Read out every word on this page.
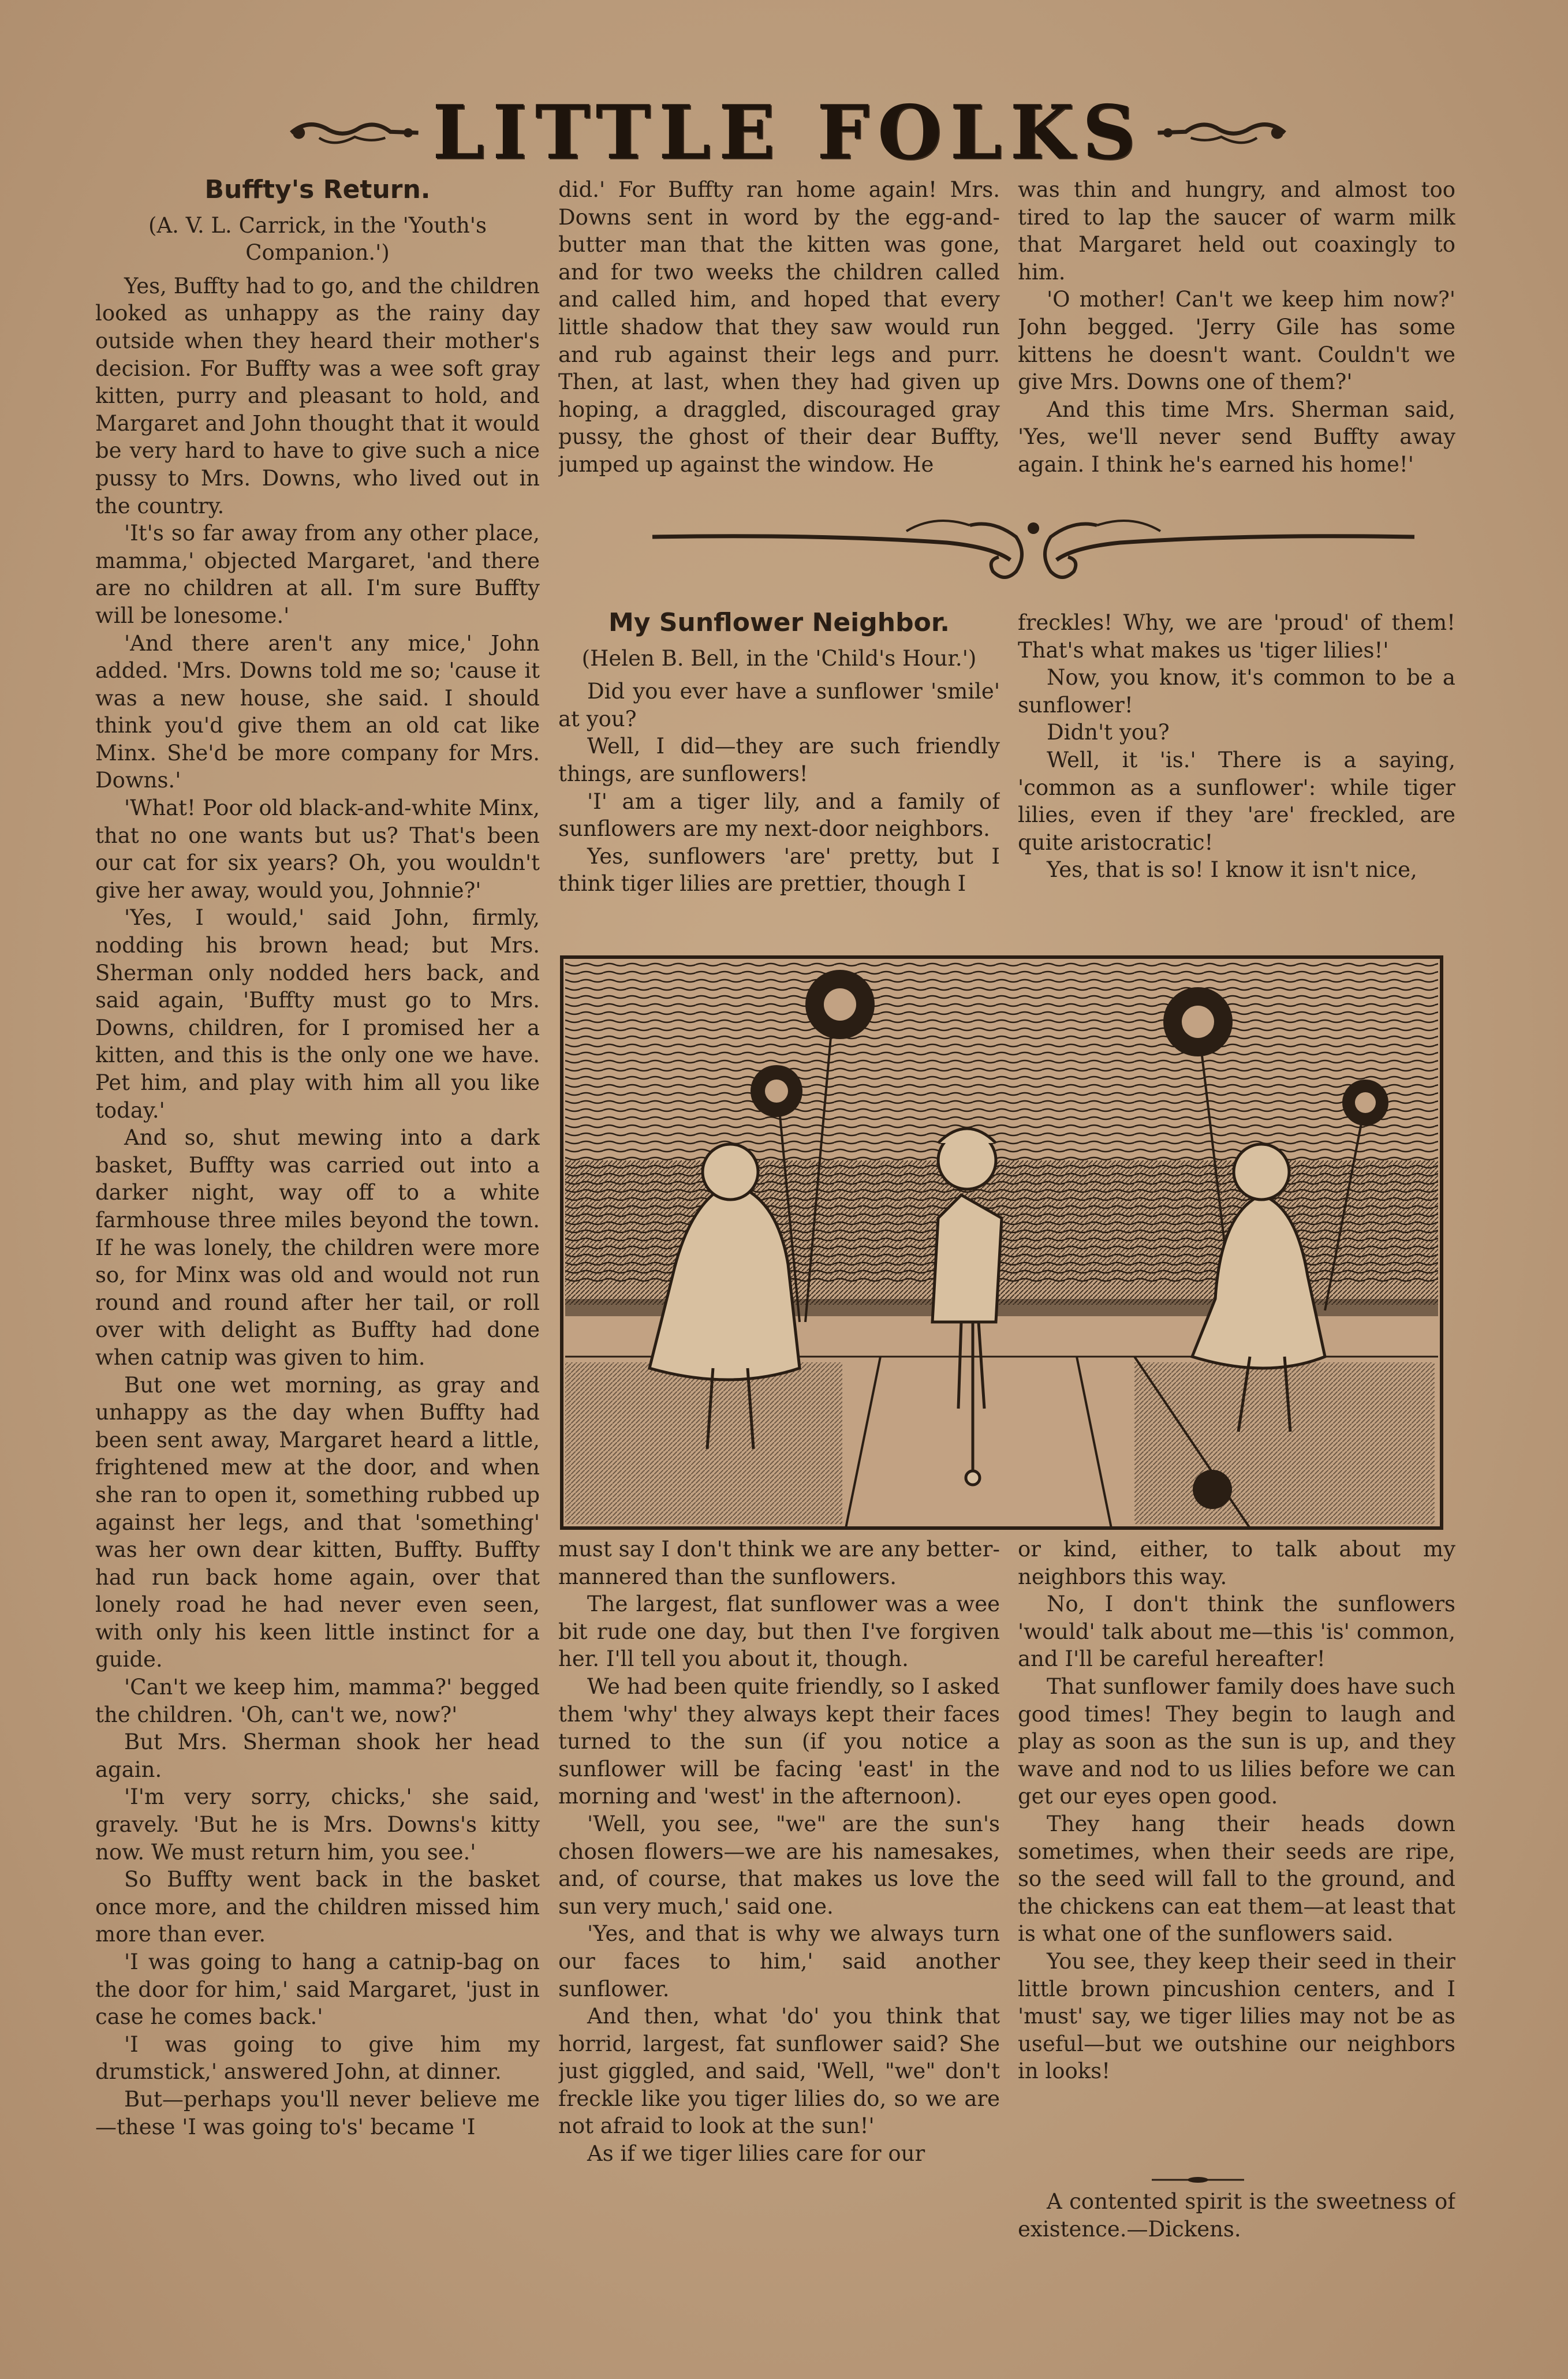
LITTLE FOLKS
Buffty's Return.

(A. V. L. Carrick, in the 'Youth's Companion.')

Yes, Buffty had to go, and the children looked as unhappy as the rainy day outside when they heard their mother's decision. For Buffty was a wee soft gray kitten, purry and pleasant to hold, and Margaret and John thought that it would be very hard to have to give such a nice pussy to Mrs. Downs, who lived out in the country.

'It's so far away from any other place, mamma,' objected Margaret, 'and there are no children at all. I'm sure Buffty will be lonesome.'

'And there aren't any mice,' John added. 'Mrs. Downs told me so; 'cause it was a new house, she said. I should think you'd give them an old cat like Minx. She'd be more company for Mrs. Downs.'

'What! Poor old black-and-white Minx, that no one wants but us? That's been our cat for six years? Oh, you wouldn't give her away, would you, Johnnie?'

'Yes, I would,' said John, firmly, nodding his brown head; but Mrs. Sherman only nodded hers back, and said again, 'Buffty must go to Mrs. Downs, children, for I promised her a kitten, and this is the only one we have. Pet him, and play with him all you like today.'

And so, shut mewing into a dark basket, Buffty was carried out into a darker night, way off to a white farmhouse three miles beyond the town. If he was lonely, the children were more so, for Minx was old and would not run round and round after her tail, or roll over with delight as Buffty had done when catnip was given to him.

But one wet morning, as gray and unhappy as the day when Buffty had been sent away, Margaret heard a little, frightened mew at the door, and when she ran to open it, something rubbed up against her legs, and that 'something' was her own dear kitten, Buffty. Buffty had run back home again, over that lonely road he had never even seen, with only his keen little instinct for a guide.

'Can't we keep him, mamma?' begged the children. 'Oh, can't we, now?'

But Mrs. Sherman shook her head again.

'I'm very sorry, chicks,' she said, gravely. 'But he is Mrs. Downs's kitty now. We must return him, you see.'

So Buffty went back in the basket once more, and the children missed him more than ever.

'I was going to hang a catnip-bag on the door for him,' said Margaret, 'just in case he comes back.'

'I was going to give him my drumstick,' answered John, at dinner.

But—perhaps you'll never believe me —these 'I was going to's' became 'I

did.' For Buffty ran home again! Mrs. Downs sent in word by the egg-and-butter man that the kitten was gone, and for two weeks the children called and called him, and hoped that every little shadow that they saw would run and rub against their legs and purr. Then, at last, when they had given up hoping, a draggled, discouraged gray pussy, the ghost of their dear Buffty, jumped up against the window. He

was thin and hungry, and almost too tired to lap the saucer of warm milk that Margaret held out coaxingly to him.

'O mother! Can't we keep him now?' John begged. 'Jerry Gile has some kittens he doesn't want. Couldn't we give Mrs. Downs one of them?'

And this time Mrs. Sherman said, 'Yes, we'll never send Buffty away again. I think he's earned his home!'

My Sunflower Neighbor.

(Helen B. Bell, in the 'Child's Hour.')

Did you ever have a sunflower 'smile' at you?

Well, I did—they are such friendly things, are sunflowers!

'I' am a tiger lily, and a family of sunflowers are my next-door neighbors.

Yes, sunflowers 'are' pretty, but I think tiger lilies are prettier, though I

freckles! Why, we are 'proud' of them! That's what makes us 'tiger lilies!'

Now, you know, it's common to be a sunflower!

Didn't you?

Well, it 'is.' There is a saying, 'common as a sunflower': while tiger lilies, even if they 'are' freckled, are quite aristocratic!

Yes, that is so! I know it isn't nice,

must say I don't think we are any better-mannered than the sunflowers.

The largest, flat sunflower was a wee bit rude one day, but then I've forgiven her. I'll tell you about it, though.

We had been quite friendly, so I asked them 'why' they always kept their faces turned to the sun (if you notice a sunflower will be facing 'east' in the morning and 'west' in the afternoon).

'Well, you see, "we" are the sun's chosen flowers—we are his namesakes, and, of course, that makes us love the sun very much,' said one.

'Yes, and that is why we always turn our faces to him,' said another sunflower.

And then, what 'do' you think that horrid, largest, fat sunflower said? She just giggled, and said, 'Well, "we" don't freckle like you tiger lilies do, so we are not afraid to look at the sun!'

As if we tiger lilies care for our

or kind, either, to talk about my neighbors this way.

No, I don't think the sunflowers 'would' talk about me—this 'is' common, and I'll be careful hereafter!

That sunflower family does have such good times! They begin to laugh and play as soon as the sun is up, and they wave and nod to us lilies before we can get our eyes open good.

They hang their heads down sometimes, when their seeds are ripe, so the seed will fall to the ground, and the chickens can eat them—at least that is what one of the sunflowers said.

You see, they keep their seed in their little brown pincushion centers, and I 'must' say, we tiger lilies may not be as useful—but we outshine our neighbors in looks!

A contented spirit is the sweetness of existence.—Dickens.
